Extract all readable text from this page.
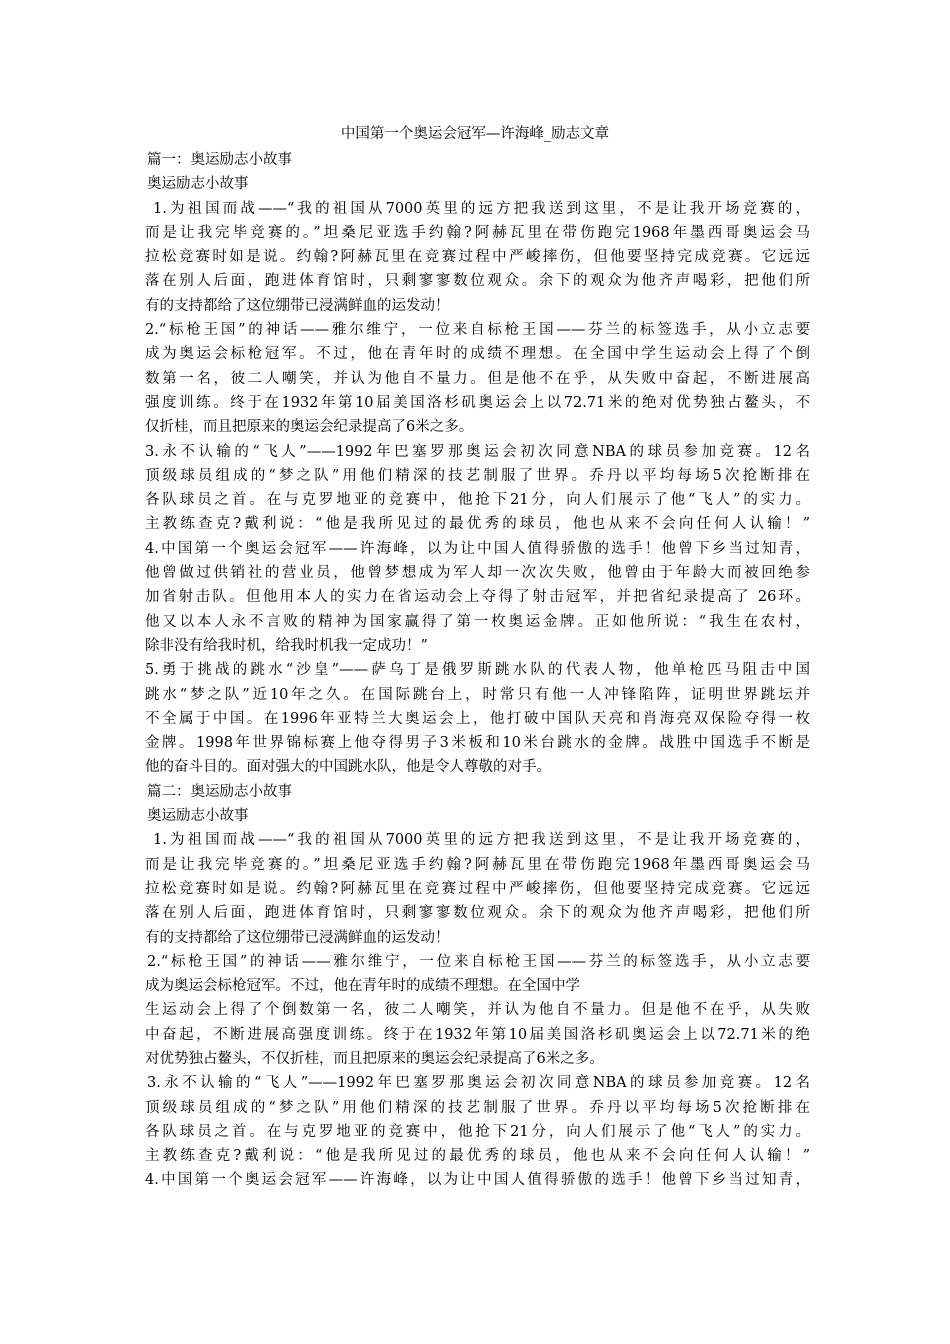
中国第一个奥运会冠军—许海峰_励志文章
篇一：奥运励志小故事
奥运励志小故事
1.为祖国而战——“我的祖国从7000英里的远方把我送到这里，不是让我开场竞赛的，
而是让我完毕竞赛的。”坦桑尼亚选手约翰?阿赫瓦里在带伤跑完1968年墨西哥奥运会马
拉松竞赛时如是说。约翰?阿赫瓦里在竞赛过程中严峻摔伤，但他要坚持完成竞赛。它远远
落在别人后面，跑进体育馆时，只剩寥寥数位观众。余下的观众为他齐声喝彩，把他们所
有的支持都给了这位绷带已浸满鲜血的运发动！
2.“标枪王国”的神话——雅尔维宁，一位来自标枪王国——芬兰的标签选手，从小立志要
成为奥运会标枪冠军。不过，他在青年时的成绩不理想。在全国中学生运动会上得了个倒
数第一名，彼二人嘲笑，并认为他自不量力。但是他不在乎，从失败中奋起，不断进展高
强度训练。终于在1932年第10届美国洛杉矶奥运会上以72.71米的绝对优势独占鳌头，不
仅折桂，而且把原来的奥运会纪录提高了6米之多。
3.永不认输的“飞人”——1992年巴塞罗那奥运会初次同意NBA的球员参加竞赛。12名
顶级球员组成的“梦之队”用他们精深的技艺制服了世界。乔丹以平均每场5次抢断排在
各队球员之首。在与克罗地亚的竞赛中，他抢下21分，向人们展示了他“飞人”的实力。
主教练查克?戴利说：“他是我所见过的最优秀的球员，他也从来不会向任何人认输！”
4.中国第一个奥运会冠军——许海峰，以为让中国人值得骄傲的选手！他曾下乡当过知青，
他曾做过供销社的营业员，他曾梦想成为军人却一次次失败，他曾由于年龄大而被回绝参
加省射击队。但他用本人的实力在省运动会上夺得了射击冠军，并把省纪录提高了 26环。
他又以本人永不言败的精神为国家赢得了第一枚奥运金牌。正如他所说：“我生在农村，
除非没有给我时机，给我时机我一定成功！”
5.勇于挑战的跳水“沙皇”——萨乌丁是俄罗斯跳水队的代表人物，他单枪匹马阻击中国
跳水“梦之队”近10年之久。在国际跳台上，时常只有他一人冲锋陷阵，证明世界跳坛并
不全属于中国。在1996年亚特兰大奥运会上，他打破中国队天亮和肖海亮双保险夺得一枚
金牌。1998年世界锦标赛上他夺得男子3米板和10米台跳水的金牌。战胜中国选手不断是
他的奋斗目的。面对强大的中国跳水队，他是令人尊敬的对手。
篇二：奥运励志小故事
奥运励志小故事
1.为祖国而战——“我的祖国从7000英里的远方把我送到这里，不是让我开场竞赛的，
而是让我完毕竞赛的。”坦桑尼亚选手约翰?阿赫瓦里在带伤跑完1968年墨西哥奥运会马
拉松竞赛时如是说。约翰?阿赫瓦里在竞赛过程中严峻摔伤，但他要坚持完成竞赛。它远远
落在别人后面，跑进体育馆时，只剩寥寥数位观众。余下的观众为他齐声喝彩，把他们所
有的支持都给了这位绷带已浸满鲜血的运发动！
2.“标枪王国”的神话——雅尔维宁，一位来自标枪王国——芬兰的标签选手，从小立志要
成为奥运会标枪冠军。不过，他在青年时的成绩不理想。在全国中学
生运动会上得了个倒数第一名，彼二人嘲笑，并认为他自不量力。但是他不在乎，从失败
中奋起，不断进展高强度训练。终于在1932年第10届美国洛杉矶奥运会上以72.71米的绝
对优势独占鳌头，不仅折桂，而且把原来的奥运会纪录提高了6米之多。
3.永不认输的“飞人”——1992年巴塞罗那奥运会初次同意NBA的球员参加竞赛。12名
顶级球员组成的“梦之队”用他们精深的技艺制服了世界。乔丹以平均每场5次抢断排在
各队球员之首。在与克罗地亚的竞赛中，他抢下21分，向人们展示了他“飞人”的实力。
主教练查克?戴利说：“他是我所见过的最优秀的球员，他也从来不会向任何人认输！”
4.中国第一个奥运会冠军——许海峰，以为让中国人值得骄傲的选手！他曾下乡当过知青，
